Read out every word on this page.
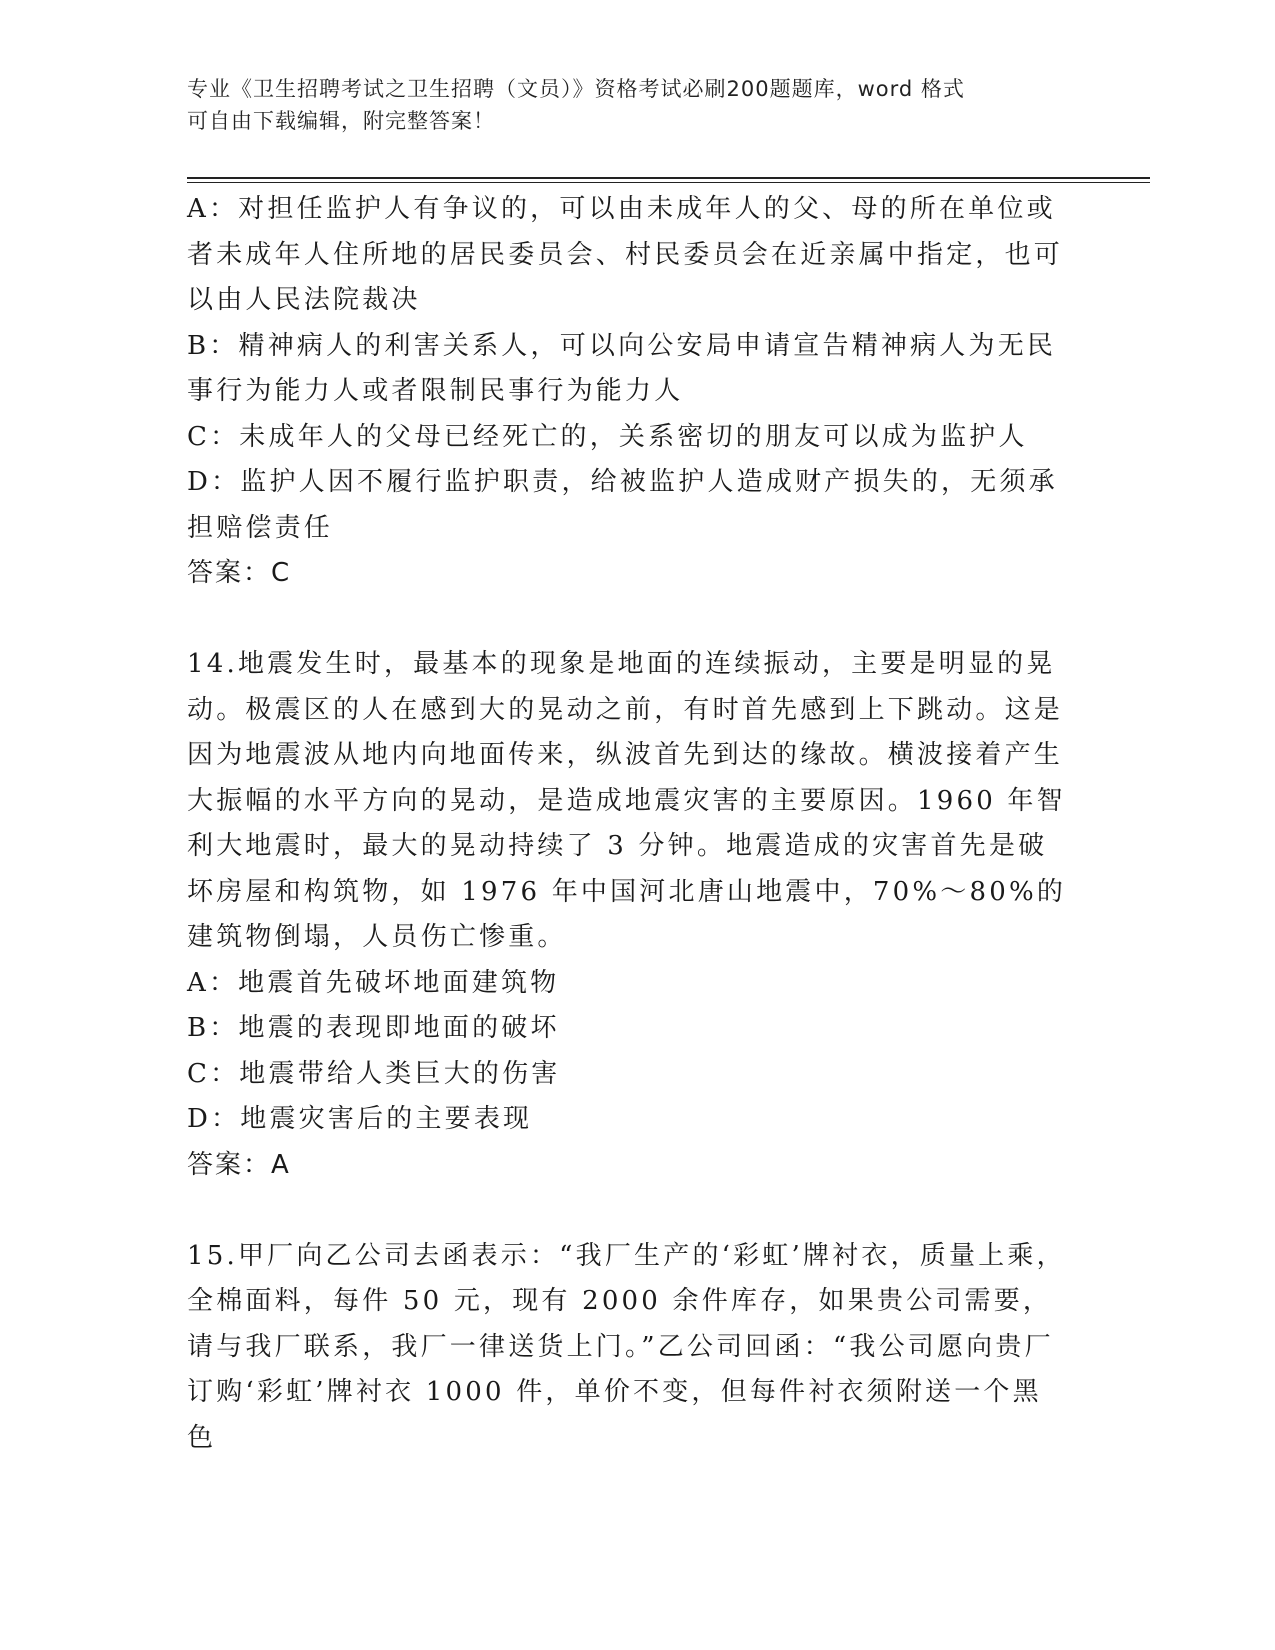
专业《卫生招聘考试之卫生招聘（文员）》资格考试必刷200题题库，word 格式
可自由下载编辑，附完整答案！

A：对担任监护人有争议的，可以由未成年人的父、母的所在单位或者未成年人住所地的居民委员会、村民委员会在近亲属中指定，也可以由人民法院裁决

B：精神病人的利害关系人，可以向公安局申请宣告精神病人为无民事行为能力人或者限制民事行为能力人

C：未成年人的父母已经死亡的，关系密切的朋友可以成为监护人

D：监护人因不履行监护职责，给被监护人造成财产损失的，无须承担赔偿责任

答案：C

14.地震发生时，最基本的现象是地面的连续振动，主要是明显的晃动。极震区的人在感到大的晃动之前，有时首先感到上下跳动。这是因为地震波从地内向地面传来，纵波首先到达的缘故。横波接着产生大振幅的水平方向的晃动，是造成地震灾害的主要原因。1960 年智利大地震时，最大的晃动持续了 3 分钟。地震造成的灾害首先是破坏房屋和构筑物，如 1976 年中国河北唐山地震中，70%～80%的建筑物倒塌，人员伤亡惨重。

A：地震首先破坏地面建筑物

B：地震的表现即地面的破坏

C：地震带给人类巨大的伤害

D：地震灾害后的主要表现

答案：A

15.甲厂向乙公司去函表示：“我厂生产的‘彩虹’牌衬衣，质量上乘，全棉面料，每件 50 元，现有 2000 余件库存，如果贵公司需要，请与我厂联系，我厂一律送货上门。”乙公司回函：“我公司愿向贵厂订购‘彩虹’牌衬衣 1000 件，单价不变，但每件衬衣须附送一个黑色
